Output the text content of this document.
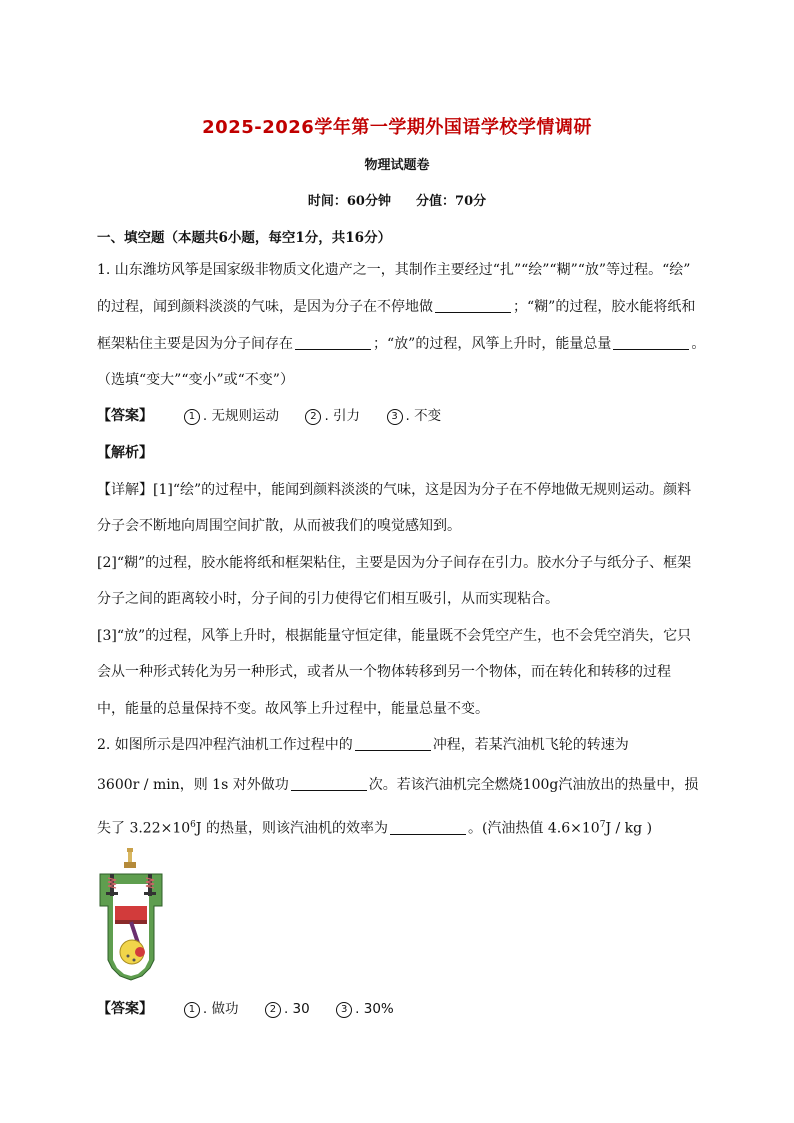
2025-2026学年第一学期外国语学校学情调研
物理试题卷
时间：60分钟 分值：70分
一、填空题（本题共6小题，每空1分，共16分）
1. 山东潍坊风筝是国家级非物质文化遗产之一，其制作主要经过“扎”“绘”“糊”“放”等过程。“绘”
的过程，闻到颜料淡淡的气味，是因为分子在不停地做	；“糊”的过程，胶水能将纸和
框架粘住主要是因为分子间存在	；“放”的过程，风筝上升时，能量总量	。
（选填“变大”“变小”或“不变”）
【答案】	1 . 无规则运动	2 . 引力	3 . 不变
【解析】
【详解】[1]“绘”的过程中，能闻到颜料淡淡的气味，这是因为分子在不停地做无规则运动。颜料
分子会不断地向周围空间扩散，从而被我们的嗅觉感知到。
[2]“糊”的过程，胶水能将纸和框架粘住，主要是因为分子间存在引力。胶水分子与纸分子、框架
分子之间的距离较小时，分子间的引力使得它们相互吸引，从而实现粘合。
[3]“放”的过程，风筝上升时，根据能量守恒定律，能量既不会凭空产生，也不会凭空消失，它只
会从一种形式转化为另一种形式，或者从一个物体转移到另一个物体，而在转化和转移的过程
中，能量的总量保持不变。故风筝上升过程中，能量总量不变。
2. 如图所示是四冲程汽油机工作过程中的	冲程，若某汽油机飞轮的转速为
3600r / min，则 1s 对外做功	次。若该汽油机完全燃烧100g汽油放出的热量中，损
失了 $3.22\times 10^6J$ 的热量，则该汽油机的效率为	。(汽油热值 $4.6\times 10^7J$ / kg )
【答案】	1 . 做功	2 . 30	3 . 30%
